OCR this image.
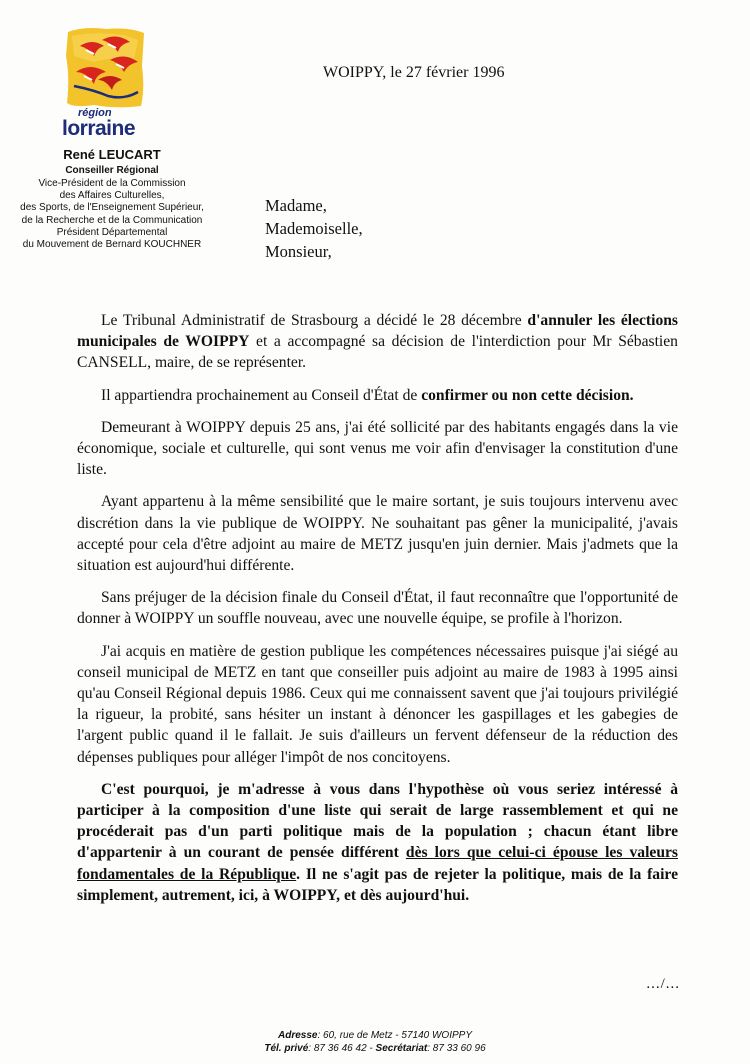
région
lorraine
René LEUCART
Conseiller Régional
Vice-Président de la Commission
des Affaires Culturelles,
des Sports, de l'Enseignement Supérieur,
de la Recherche et de la Communication
Président Départemental
du Mouvement de Bernard KOUCHNER
WOIPPY, le 27 février 1996
Madame,
Mademoiselle,
Monsieur,

Le Tribunal Administratif de Strasbourg a décidé le 28 décembre d'annuler les élections municipales de WOIPPY et a accompagné sa décision de l'interdiction pour Mr Sébastien CANSELL, maire, de se représenter.

Il appartiendra prochainement au Conseil d'État de confirmer ou non cette décision.

Demeurant à WOIPPY depuis 25 ans, j'ai été sollicité par des habitants engagés dans la vie économique, sociale et culturelle, qui sont venus me voir afin d'envisager la constitution d'une liste.

Ayant appartenu à la même sensibilité que le maire sortant, je suis toujours intervenu avec discrétion dans la vie publique de WOIPPY. Ne souhaitant pas gêner la municipalité, j'avais accepté pour cela d'être adjoint au maire de METZ jusqu'en juin dernier. Mais j'admets que la situation est aujourd'hui différente.

Sans préjuger de la décision finale du Conseil d'État, il faut reconnaître que l'opportunité de donner à WOIPPY un souffle nouveau, avec une nouvelle équipe, se profile à l'horizon.

J'ai acquis en matière de gestion publique les compétences nécessaires puisque j'ai siégé au conseil municipal de METZ en tant que conseiller puis adjoint au maire de 1983 à 1995 ainsi qu'au Conseil Régional depuis 1986. Ceux qui me connaissent savent que j'ai toujours privilégié la rigueur, la probité, sans hésiter un instant à dénoncer les gaspillages et les gabegies de l'argent public quand il le fallait. Je suis d'ailleurs un fervent défenseur de la réduction des dépenses publiques pour alléger l'impôt de nos concitoyens.

C'est pourquoi, je m'adresse à vous dans l'hypothèse où vous seriez intéressé à participer à la composition d'une liste qui serait de large rassemblement et qui ne procéderait pas d'un parti politique mais de la population ; chacun étant libre d'appartenir à un courant de pensée différent dès lors que celui-ci épouse les valeurs fondamentales de la République. Il ne s'agit pas de rejeter la politique, mais de la faire simplement, autrement, ici, à WOIPPY, et dès aujourd'hui.

.../...
Adresse: 60, rue de Metz - 57140 WOIPPY
Tél. privé: 87 36 46 42 - Secrétariat: 87 33 60 96
